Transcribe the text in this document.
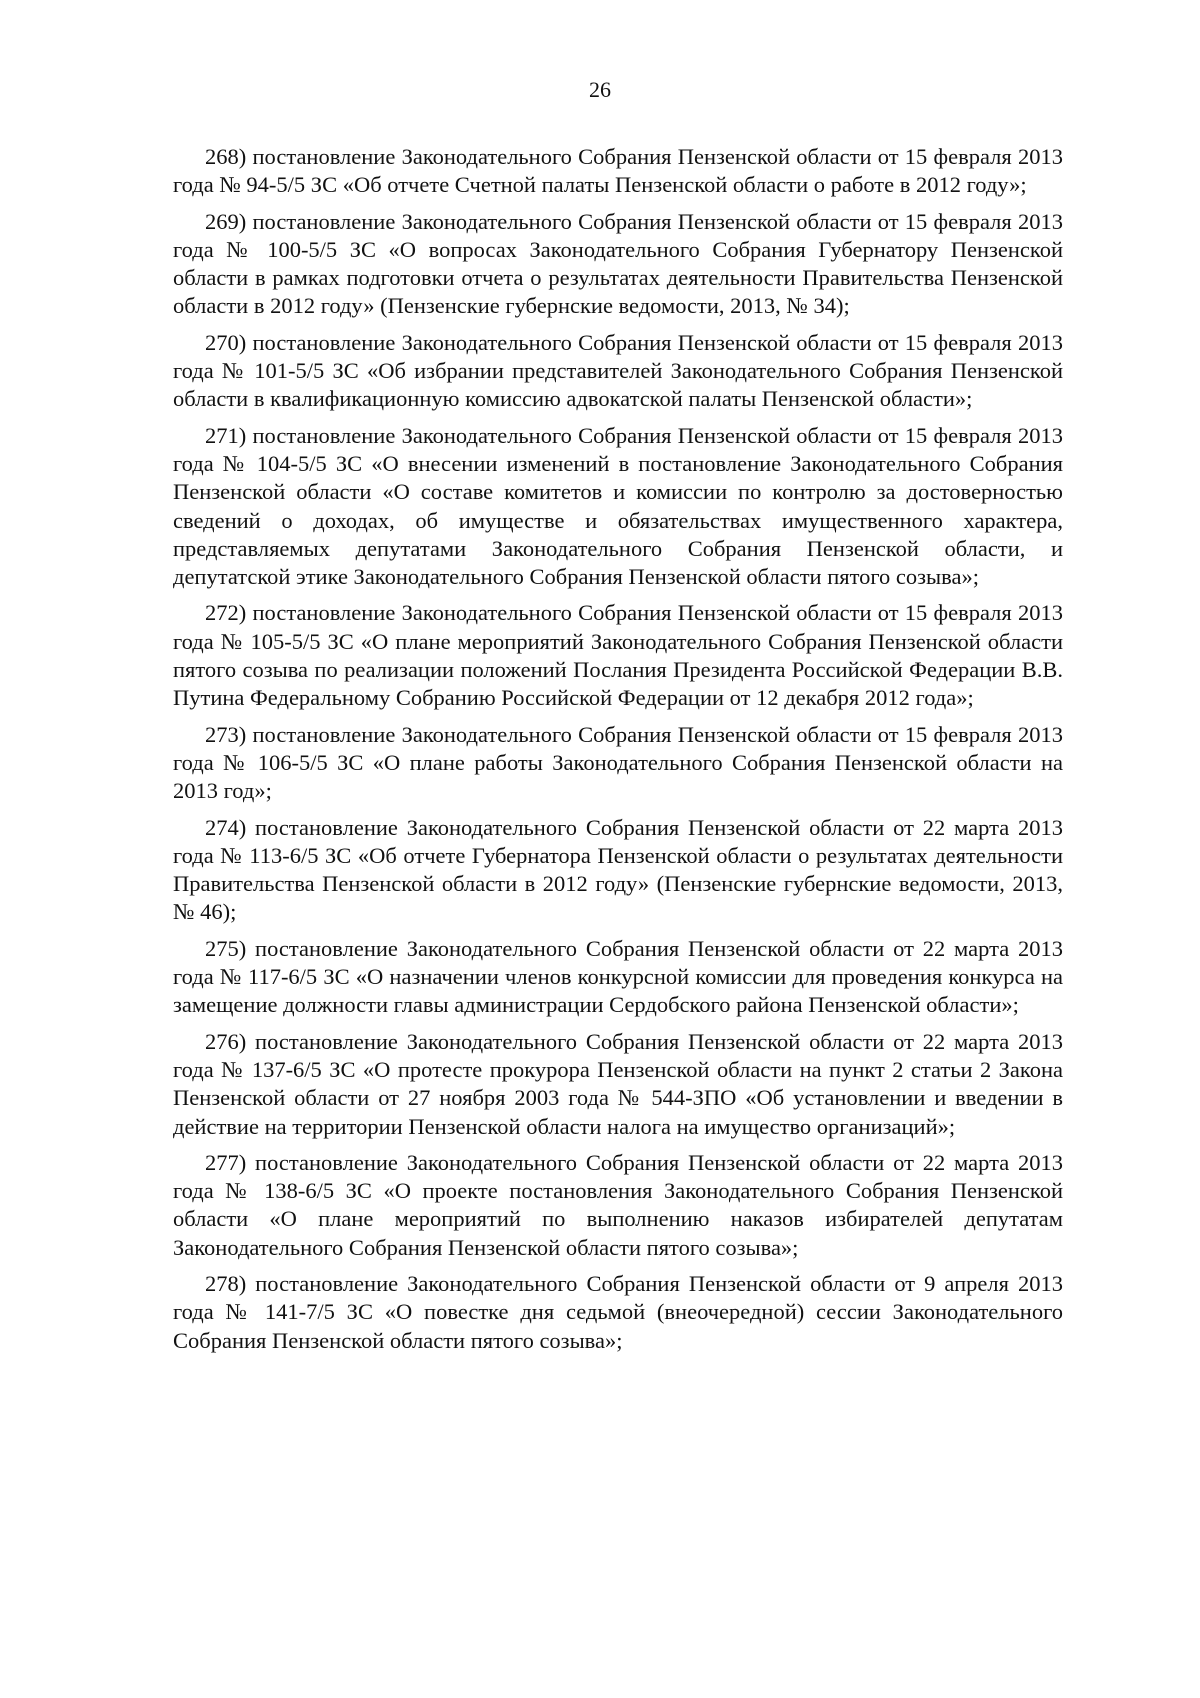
26

268) постановление Законодательного Собрания Пензенской области от 15 февраля 2013 года № 94-5/5 ЗС «Об отчете Счетной палаты Пензенской области о работе в 2012 году»;

269) постановление Законодательного Собрания Пензенской области от 15 февраля 2013 года № 100-5/5 ЗС «О вопросах Законодательного Собрания Губернатору Пензенской области в рамках подготовки отчета о результатах деятельности Правительства Пензенской области в 2012 году» (Пензенские губернские ведомости, 2013, № 34);

270) постановление Законодательного Собрания Пензенской области от 15 февраля 2013 года № 101-5/5 ЗС «Об избрании представителей Законодательного Собрания Пензенской области в квалификационную комиссию адвокатской палаты Пензенской области»;

271) постановление Законодательного Собрания Пензенской области от 15 февраля 2013 года № 104-5/5 ЗС «О внесении изменений в постановление Законодательного Собрания Пензенской области «О составе комитетов и комиссии по контролю за достоверностью сведений о доходах, об имуществе и обязательствах имущественного характера, представляемых депутатами Законодательного Собрания Пензенской области, и депутатской этике Законодательного Собрания Пензенской области пятого созыва»;

272) постановление Законодательного Собрания Пензенской области от 15 февраля 2013 года № 105-5/5 ЗС «О плане мероприятий Законодательного Собрания Пензенской области пятого созыва по реализации положений Послания Президента Российской Федерации В.В. Путина Федеральному Собранию Российской Федерации от 12 декабря 2012 года»;

273) постановление Законодательного Собрания Пензенской области от 15 февраля 2013 года № 106-5/5 ЗС «О плане работы Законодательного Собрания Пензенской области на 2013 год»;

274) постановление Законодательного Собрания Пензенской области от 22 марта 2013 года № 113-6/5 ЗС «Об отчете Губернатора Пензенской области о результатах деятельности Правительства Пензенской области в 2012 году» (Пензенские губернские ведомости, 2013, № 46);

275) постановление Законодательного Собрания Пензенской области от 22 марта 2013 года № 117-6/5 ЗС «О назначении членов конкурсной комиссии для проведения конкурса на замещение должности главы администрации Сердобского района Пензенской области»;

276) постановление Законодательного Собрания Пензенской области от 22 марта 2013 года № 137-6/5 ЗС «О протесте прокурора Пензенской области на пункт 2 статьи 2 Закона Пензенской области от 27 ноября 2003 года № 544-ЗПО «Об установлении и введении в действие на территории Пензенской области налога на имущество организаций»;

277) постановление Законодательного Собрания Пензенской области от 22 марта 2013 года № 138-6/5 ЗС «О проекте постановления Законодательного Собрания Пензенской области «О плане мероприятий по выполнению наказов избирателей депутатам Законодательного Собрания Пензенской области пятого созыва»;

278) постановление Законодательного Собрания Пензенской области от 9 апреля 2013 года № 141-7/5 ЗС «О повестке дня седьмой (внеочередной) сессии Законодательного Собрания Пензенской области пятого созыва»;
